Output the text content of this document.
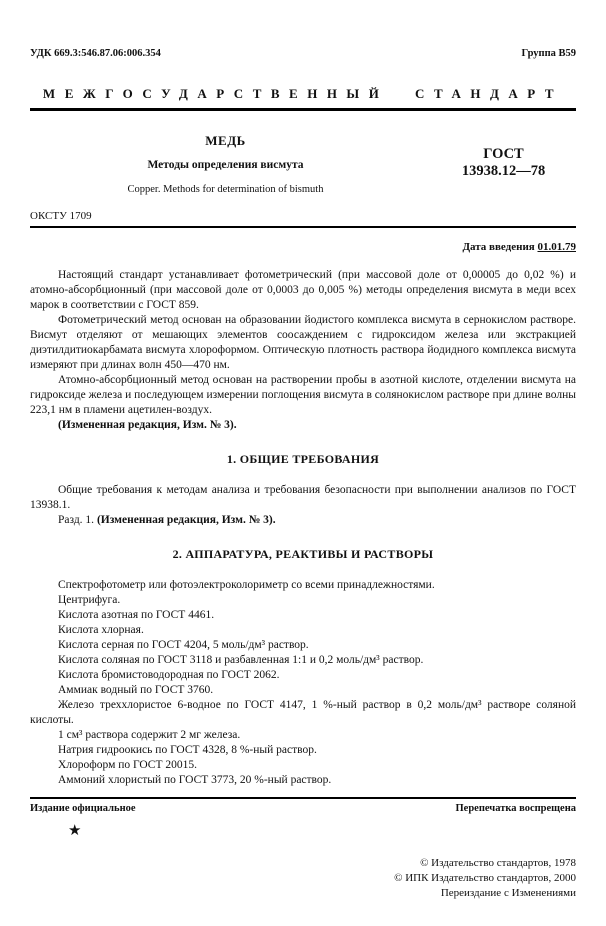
УДК 669.3:546.87.06:006.354	Группа В59
МЕЖГОСУДАРСТВЕННЫЙ СТАНДАРТ
МЕДЬ
Методы определения висмута
Copper. Methods for determination of bismuth
ГОСТ
13938.12—78
ОКСТУ 1709
Дата введения 01.01.79

Настоящий стандарт устанавливает фотометрический (при массовой доле от 0,00005 до 0,02 %) и атомно-абсорбционный (при массовой доле от 0,0003 до 0,005 %) методы определения висмута в меди всех марок в соответствии с ГОСТ 859.

Фотометрический метод основан на образовании йодистого комплекса висмута в сернокислом растворе. Висмут отделяют от мешающих элементов соосаждением с гидроксидом железа или экстракцией диэтилдитиокарбамата висмута хлороформом. Оптическую плотность раствора йодидного комплекса висмута измеряют при длинах волн 450—470 нм.

Атомно-абсорбционный метод основан на растворении пробы в азотной кислоте, отделении висмута на гидроксиде железа и последующем измерении поглощения висмута в солянокислом растворе при длине волны 223,1 нм в пламени ацетилен-воздух.

(Измененная редакция, Изм. № 3).

1. ОБЩИЕ ТРЕБОВАНИЯ

Общие требования к методам анализа и требования безопасности при выполнении анализов по ГОСТ 13938.1.

Разд. 1. (Измененная редакция, Изм. № 3).

2. АППАРАТУРА, РЕАКТИВЫ И РАСТВОРЫ

Спектрофотометр или фотоэлектроколориметр со всеми принадлежностями.

Центрифуга.

Кислота азотная по ГОСТ 4461.

Кислота хлорная.

Кислота серная по ГОСТ 4204, 5 моль/дм³ раствор.

Кислота соляная по ГОСТ 3118 и разбавленная 1:1 и 0,2 моль/дм³ раствор.

Кислота бромистоводородная по ГОСТ 2062.

Аммиак водный по ГОСТ 3760.

Железо треххлористое 6-водное по ГОСТ 4147, 1 %-ный раствор в 0,2 моль/дм³ растворе соляной кислоты.

1 см³ раствора содержит 2 мг железа.

Натрия гидроокись по ГОСТ 4328, 8 %-ный раствор.

Хлороформ по ГОСТ 20015.

Аммоний хлористый по ГОСТ 3773, 20 %-ный раствор.

Издание официальное	Перепечатка воспрещена
★
© Издательство стандартов, 1978
© ИПК Издательство стандартов, 2000
Переиздание с Изменениями
